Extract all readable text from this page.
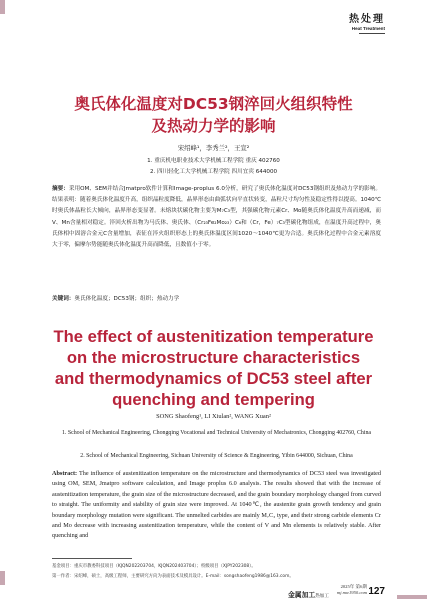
热处理
Heat Treatment
奥氏体化温度对DC53钢淬回火组织特性
及热动力学的影响
宋绍峰¹，李秀兰²，王宣²
1. 重庆机电职业技术大学机械工程学院 重庆 402760
2. 四川轻化工大学机械工程学院 四川宜宾 644000
摘要：采用OM、SEM并结合Jmatpro软件计算和Image-proplus 6.0分析，研究了奥氏体化温度对DC53钢组织及热动力学的影响。结果表明：随着奥氏体化温度升高，组织晶粒度降低，晶界形态由曲弧状向平直状转变，晶粒尺寸均匀性及稳定性得以提高。1040℃时奥氏体晶粒长大倾向，晶界形态变显著。未熔块状碳化物主要为M₇C₃型，其强碳化物元素Cr、Mo随奥氏体化温度升高而递减，而V、Mn含量相对稳定。淬回火析出物为马氏体、奥氏体、（Cr₂₃Fe₂Mo₂₃）C₆和（Cr，Fe）₇C₃型碳化物组成，在温度升高过程中，奥氏体相中固溶合金元C含量增加，表征在淬火组织形态上的奥氏体温度区间1020～1040℃更为合适。奥氏体化过程中合金元素溶度大于零，偏摩尔势能随奥氏体化温度升高而降低，且数值小于零。
关键词：奥氏体化温度；DC53钢；组织；热动力学
The effect of austenitization temperature
on the microstructure characteristics
and thermodynamics of DC53 steel after
quenching and tempering
SONG Shaofeng¹, LI Xiulan², WANG Xuan²
1. School of Mechanical Engineering, Chongqing Vocational and Technical University of Mechatronics, Chongqing 402760, China
2. School of Mechanical Engineering, Sichuan University of Science & Engineering, Yibin 644000, Sichuan, China
Abstract: The influence of austenitization temperature on the microstructure and thermodynamics of DC53 steel was investigated using OM, SEM, Jmatpro software calculation, and Image proplus 6.0 analysis. The results showed that with the increase of austenitization temperature, the grain size of the microstructure decreased, and the grain boundary morphology changed from curved to straight. The uniformity and stability of grain size were improved. At 1040℃, the austenite grain growth tendency and grain boundary morphology mutation were significant. The unmelted carbides are mainly M₇C₃ type, and their strong carbide elements Cr and Mo decrease with increasing austenitization temperature, while the content of V and Mn elements is relatively stable. After quenching and
基金项目：重庆市教委科技项目（KJQN202203704，KJQN202403704）；校级项目（XJPY202308）。
第一作者：宋绍峰，硕士，高级工程师，主要研究方向为表面技术及模具设计。E-mail：songshaofeng1986@163.com。
金属加工热加工
2025年 第6期
mj.mw1950.com 127
